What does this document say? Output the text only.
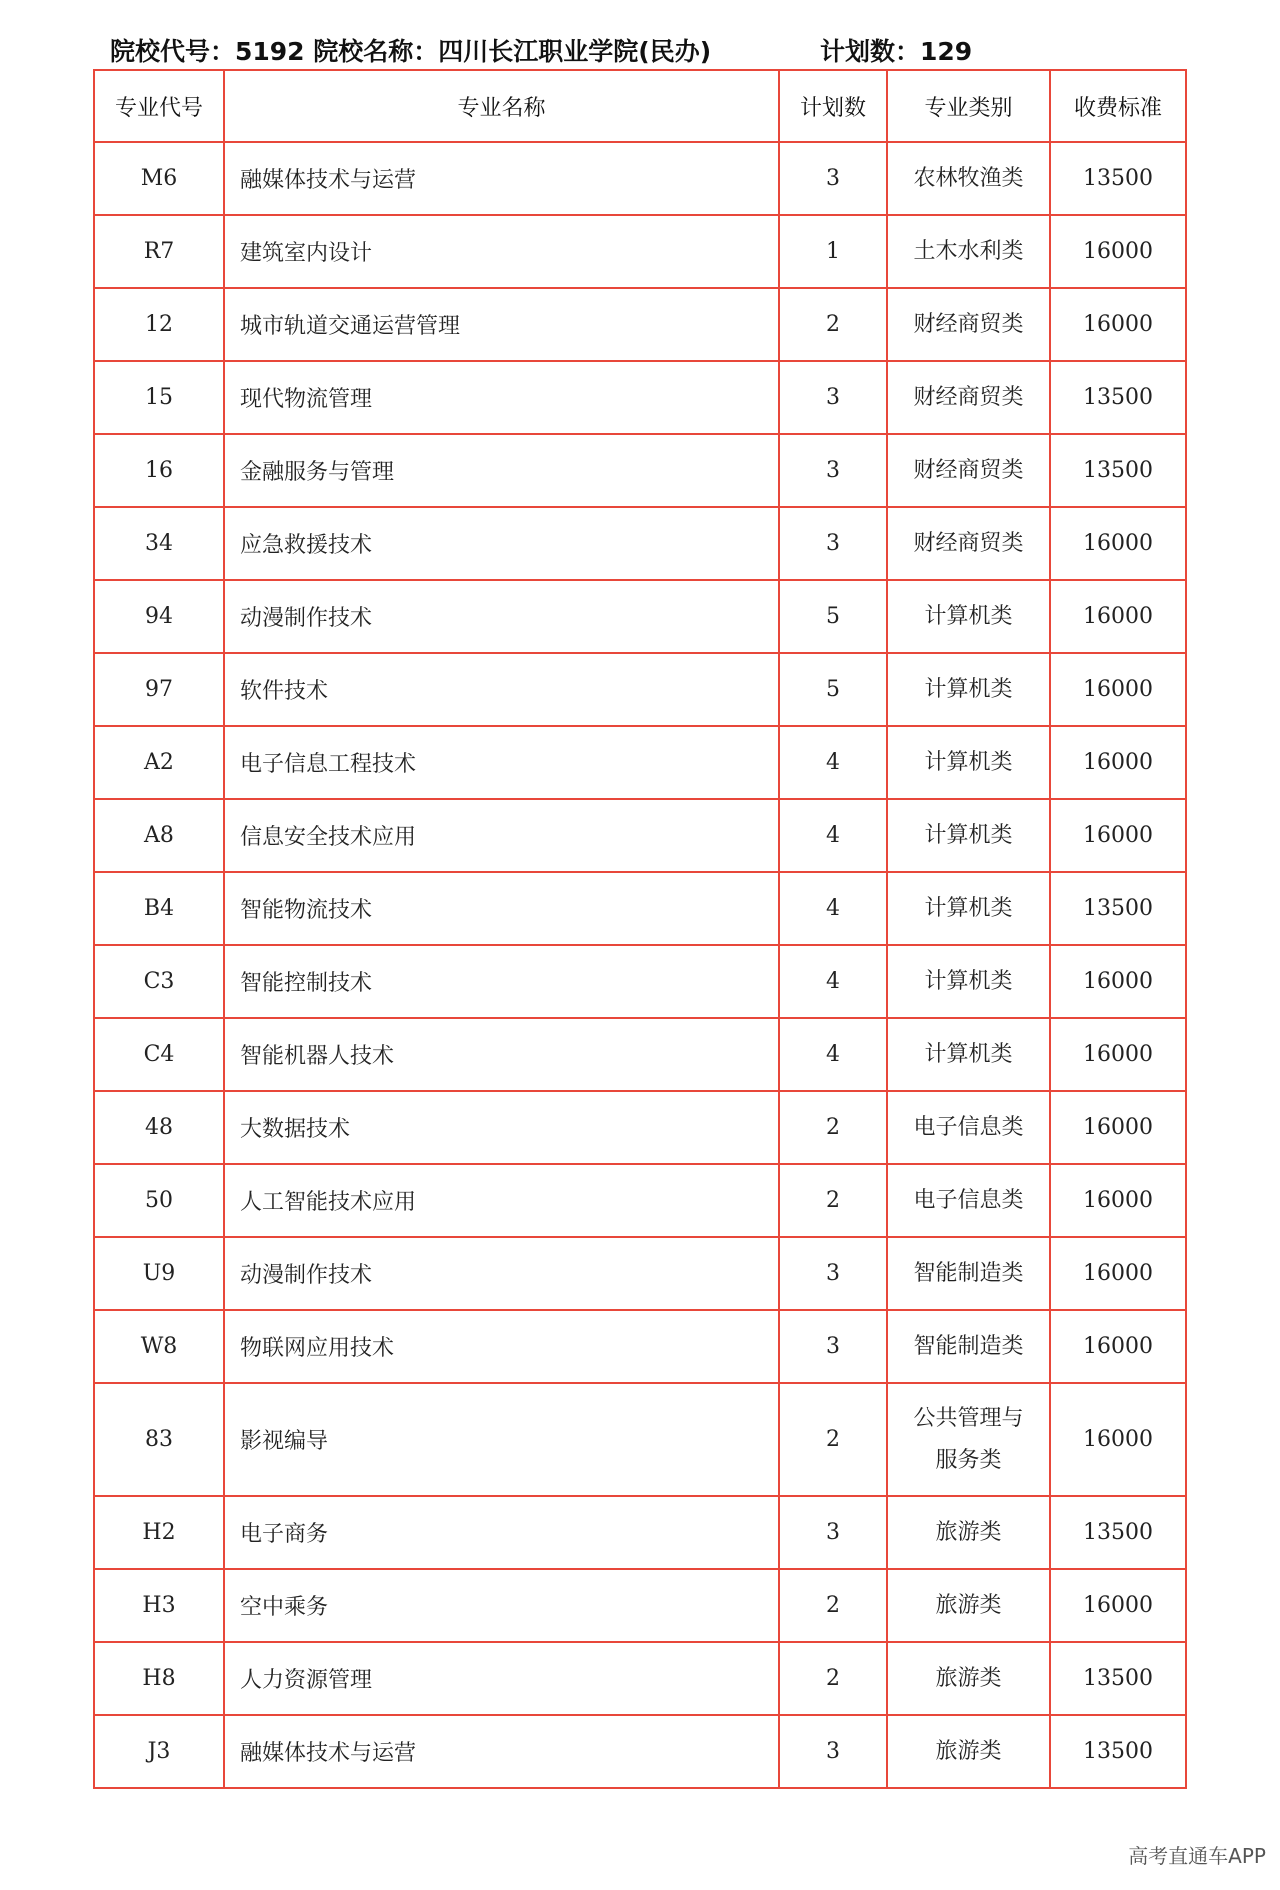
院校代号：5192 院校名称：四川长江职业学院(民办)	计划数：129
专业代号	专业名称	计划数	专业类别	收费标准
M6	融媒体技术与运营	3	农林牧渔类	13500
R7	建筑室内设计	1	土木水利类	16000
12	城市轨道交通运营管理	2	财经商贸类	16000
15	现代物流管理	3	财经商贸类	13500
16	金融服务与管理	3	财经商贸类	13500
34	应急救援技术	3	财经商贸类	16000
94	动漫制作技术	5	计算机类	16000
97	软件技术	5	计算机类	16000
A2	电子信息工程技术	4	计算机类	16000
A8	信息安全技术应用	4	计算机类	16000
B4	智能物流技术	4	计算机类	13500
C3	智能控制技术	4	计算机类	16000
C4	智能机器人技术	4	计算机类	16000
48	大数据技术	2	电子信息类	16000
50	人工智能技术应用	2	电子信息类	16000
U9	动漫制作技术	3	智能制造类	16000
W8	物联网应用技术	3	智能制造类	16000
83	影视编导	2	公共管理与服务类	16000
H2	电子商务	3	旅游类	13500
H3	空中乘务	2	旅游类	16000
H8	人力资源管理	2	旅游类	13500
J3	融媒体技术与运营	3	旅游类	13500
高考直通车APP
